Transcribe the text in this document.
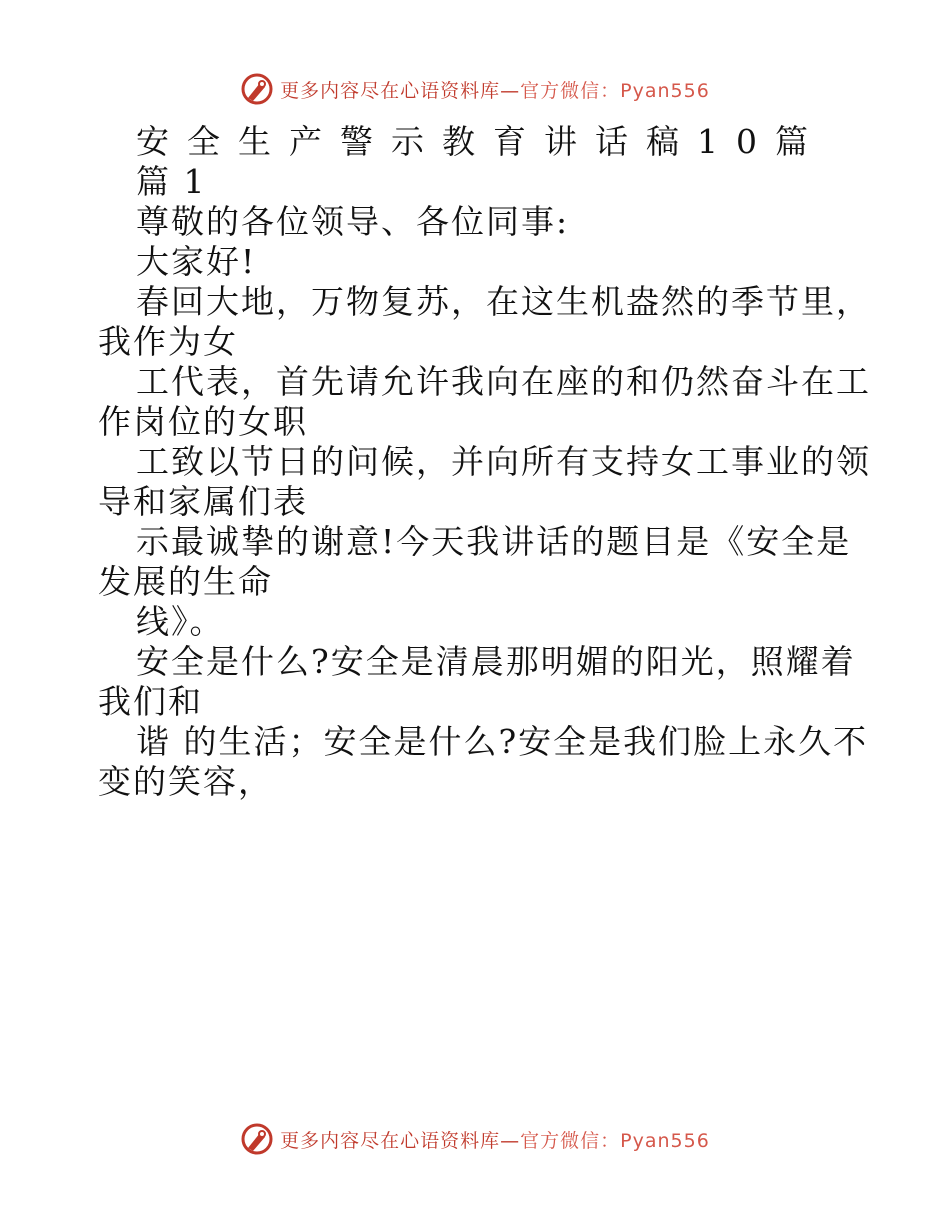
更多内容尽在心语资料库—官方微信：Pyan556

安全生产警示教育讲话稿10篇

篇 1

尊敬的各位领导、各位同事:

大家好!

春回大地，万物复苏，在这生机盎然的季节里，

我作为女

工代表，首先请允许我向在座的和仍然奋斗在工

作岗位的女职

工致以节日的问候，并向所有支持女工事业的领

导和家属们表

示最诚挚的谢意!今天我讲话的题目是《安全是

发展的生命

线》。

安全是什么?安全是清晨那明媚的阳光，照耀着

我们和

谐 的生活；安全是什么?安全是我们脸上永久不

变的笑容，

更多内容尽在心语资料库—官方微信：Pyan556
